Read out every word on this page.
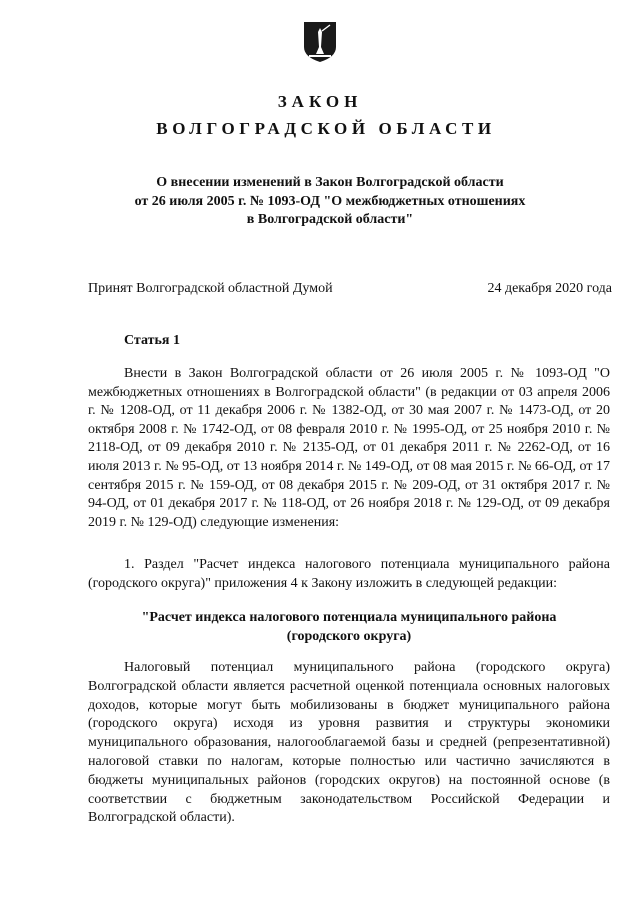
ЗАКОН
ВОЛГОГРАДСКОЙ ОБЛАСТИ
О внесении изменений в Закон Волгоградской области
от 26 июля 2005 г. № 1093-ОД "О межбюджетных отношениях
в Волгоградской области"
Принят Волгоградской областной Думой	24 декабря 2020 года
Статья 1
Внести в Закон Волгоградской области от 26 июля 2005 г. № 1093-ОД "О межбюджетных отношениях в Волгоградской области" (в редакции от 03 апреля 2006 г. № 1208-ОД, от 11 декабря 2006 г. № 1382-ОД, от 30 мая 2007 г. № 1473-ОД, от 20 октября 2008 г. № 1742-ОД, от 08 февраля 2010 г. № 1995-ОД, от 25 ноября 2010 г. № 2118-ОД, от 09 декабря 2010 г. № 2135-ОД, от 01 декабря 2011 г. № 2262-ОД, от 16 июля 2013 г. № 95-ОД, от 13 ноября 2014 г. № 149-ОД, от 08 мая 2015 г. № 66-ОД, от 17 сентября 2015 г. № 159-ОД, от 08 декабря 2015 г. № 209-ОД, от 31 октября 2017 г. № 94-ОД, от 01 декабря 2017 г. № 118-ОД, от 26 ноября 2018 г. № 129-ОД, от 09 декабря 2019 г. № 129-ОД) следующие изменения:
1. Раздел "Расчет индекса налогового потенциала муниципального района (городского округа)" приложения 4 к Закону изложить в следующей редакции:
"Расчет индекса налогового потенциала муниципального района
(городского округа)
Налоговый потенциал муниципального района (городского округа) Волгоградской области является расчетной оценкой потенциала основных налоговых доходов, которые могут быть мобилизованы в бюджет муниципального района (городского округа) исходя из уровня развития и структуры экономики муниципального образования, налогооблагаемой базы и средней (репрезентативной) налоговой ставки по налогам, которые полностью или частично зачисляются в бюджеты муниципальных районов (городских округов) на постоянной основе (в соответствии с бюджетным законодательством Российской Федерации и Волгоградской области).
